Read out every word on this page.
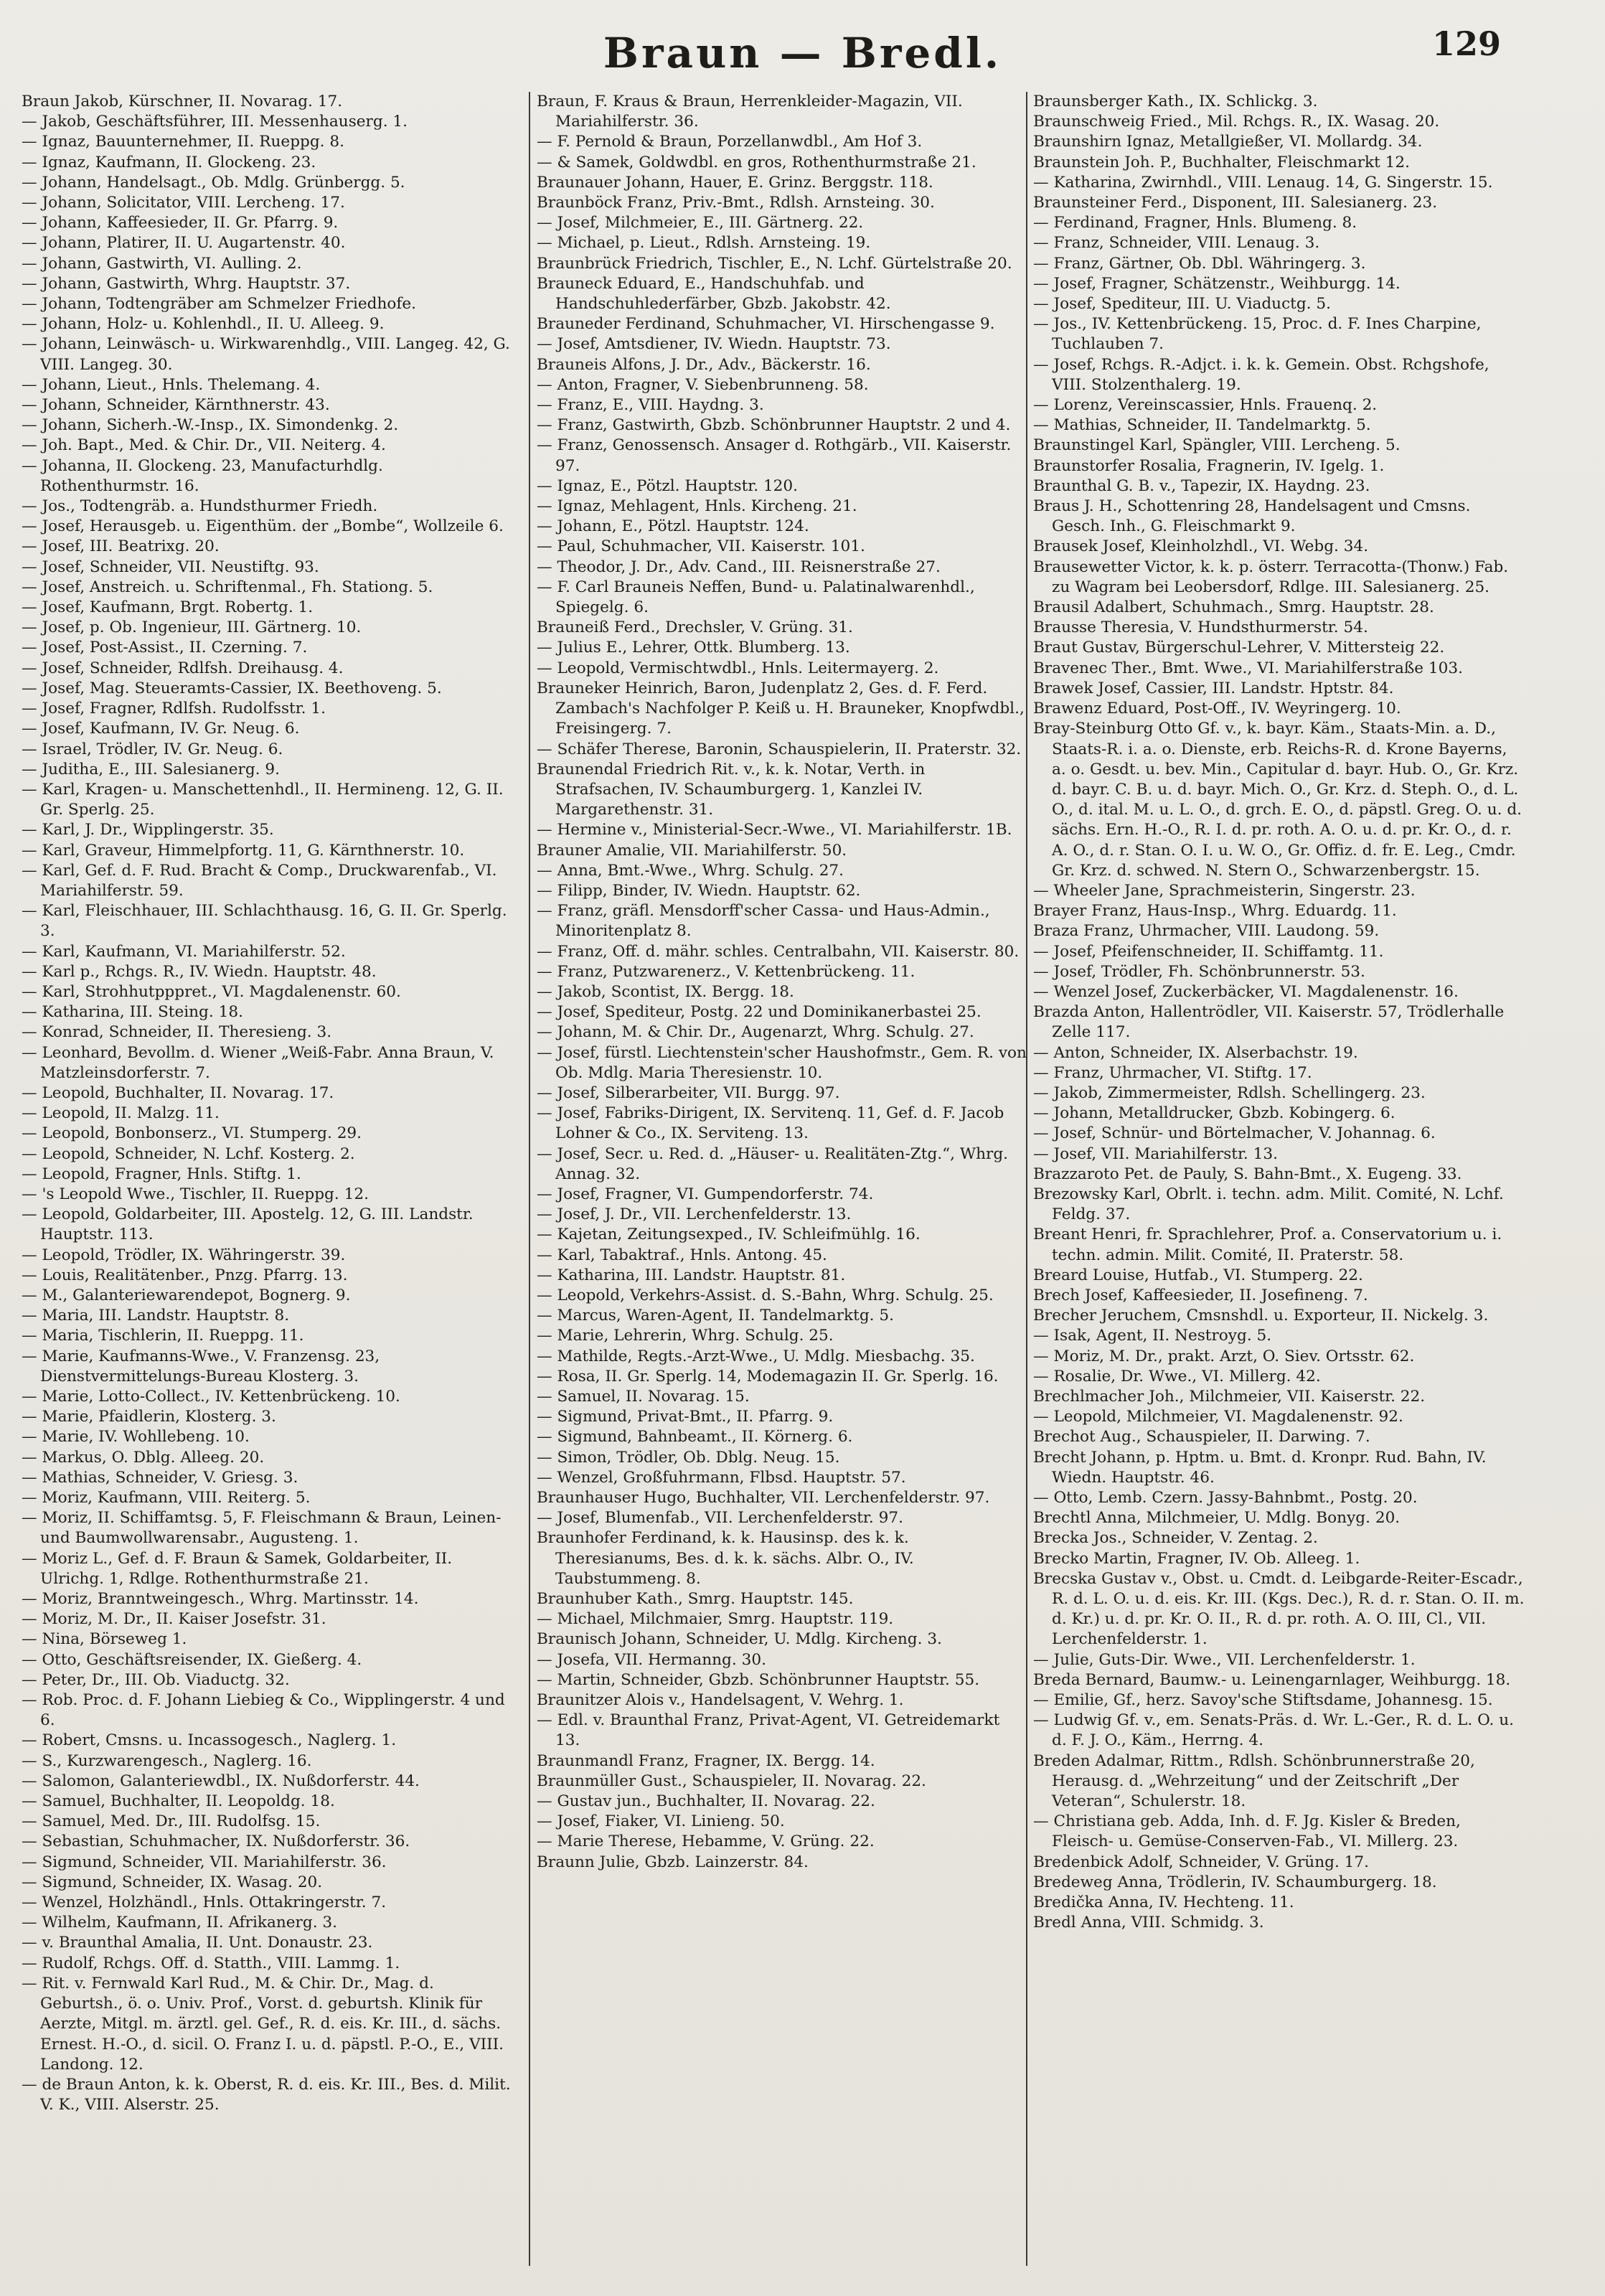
Braun — Bredl.	129

Braun Jakob, Kürschner, II. Novarag. 17.

— Jakob, Geschäftsführer, III. Messenhauserg. 1.

— Ignaz, Bauunternehmer, II. Rueppg. 8.

— Ignaz, Kaufmann, II. Glockeng. 23.

— Johann, Handelsagt., Ob. Mdlg. Grünbergg. 5.

— Johann, Solicitator, VIII. Lercheng. 17.

— Johann, Kaffeesieder, II. Gr. Pfarrg. 9.

— Johann, Platirer, II. U. Augartenstr. 40.

— Johann, Gastwirth, VI. Aulling. 2.

— Johann, Gastwirth, Whrg. Hauptstr. 37.

— Johann, Todtengräber am Schmelzer Friedhofe.

— Johann, Holz- u. Kohlenhdl., II. U. Alleeg. 9.

— Johann, Leinwäsch- u. Wirkwarenhdlg., VIII. Langeg. 42, G. VIII. Langeg. 30.

— Johann, Lieut., Hnls. Thelemang. 4.

— Johann, Schneider, Kärnthnerstr. 43.

— Johann, Sicherh.-W.-Insp., IX. Simondenkg. 2.

— Joh. Bapt., Med. & Chir. Dr., VII. Neiterg. 4.

— Johanna, II. Glockeng. 23, Manufacturhdlg. Rothenthurmstr. 16.

— Jos., Todtengräb. a. Hundsthurmer Friedh.

— Josef, Herausgeb. u. Eigenthüm. der „Bombe“, Wollzeile 6.

— Josef, III. Beatrixg. 20.

— Josef, Schneider, VII. Neustiftg. 93.

— Josef, Anstreich. u. Schriftenmal., Fh. Stationg. 5.

— Josef, Kaufmann, Brgt. Robertg. 1.

— Josef, p. Ob. Ingenieur, III. Gärtnerg. 10.

— Josef, Post-Assist., II. Czerning. 7.

— Josef, Schneider, Rdlfsh. Dreihausg. 4.

— Josef, Mag. Steueramts-Cassier, IX. Beethoveng. 5.

— Josef, Fragner, Rdlfsh. Rudolfsstr. 1.

— Josef, Kaufmann, IV. Gr. Neug. 6.

— Israel, Trödler, IV. Gr. Neug. 6.

— Juditha, E., III. Salesianerg. 9.

— Karl, Kragen- u. Manschettenhdl., II. Hermineng. 12, G. II. Gr. Sperlg. 25.

— Karl, J. Dr., Wipplingerstr. 35.

— Karl, Graveur, Himmelpfortg. 11, G. Kärnthnerstr. 10.

— Karl, Gef. d. F. Rud. Bracht & Comp., Druckwarenfab., VI. Mariahilferstr. 59.

— Karl, Fleischhauer, III. Schlachthausg. 16, G. II. Gr. Sperlg. 3.

— Karl, Kaufmann, VI. Mariahilferstr. 52.

— Karl p., Rchgs. R., IV. Wiedn. Hauptstr. 48.

— Karl, Strohhutpppret., VI. Magdalenenstr. 60.

— Katharina, III. Steing. 18.

— Konrad, Schneider, II. Theresieng. 3.

— Leonhard, Bevollm. d. Wiener „Weiß-Fabr. Anna Braun, V. Matzleinsdorferstr. 7.

— Leopold, Buchhalter, II. Novarag. 17.

— Leopold, II. Malzg. 11.

— Leopold, Bonbonserz., VI. Stumperg. 29.

— Leopold, Schneider, N. Lchf. Kosterg. 2.

— Leopold, Fragner, Hnls. Stiftg. 1.

— 's Leopold Wwe., Tischler, II. Rueppg. 12.

— Leopold, Goldarbeiter, III. Apostelg. 12, G. III. Landstr. Hauptstr. 113.

— Leopold, Trödler, IX. Währingerstr. 39.

— Louis, Realitätenber., Pnzg. Pfarrg. 13.

— M., Galanteriewarendepot, Bognerg. 9.

— Maria, III. Landstr. Hauptstr. 8.

— Maria, Tischlerin, II. Rueppg. 11.

— Marie, Kaufmanns-Wwe., V. Franzensg. 23, Dienstvermittelungs-Bureau Klosterg. 3.

— Marie, Lotto-Collect., IV. Kettenbrückeng. 10.

— Marie, Pfaidlerin, Klosterg. 3.

— Marie, IV. Wohllebeng. 10.

— Markus, O. Dblg. Alleeg. 20.

— Mathias, Schneider, V. Griesg. 3.

— Moriz, Kaufmann, VIII. Reiterg. 5.

— Moriz, II. Schiffamtsg. 5, F. Fleischmann & Braun, Leinen- und Baumwollwarensabr., Augusteng. 1.

— Moriz L., Gef. d. F. Braun & Samek, Goldarbeiter, II. Ulrichg. 1, Rdlge. Rothenthurmstraße 21.

— Moriz, Branntweingesch., Whrg. Martinsstr. 14.

— Moriz, M. Dr., II. Kaiser Josefstr. 31.

— Nina, Börseweg 1.

— Otto, Geschäftsreisender, IX. Gießerg. 4.

— Peter, Dr., III. Ob. Viaductg. 32.

— Rob. Proc. d. F. Johann Liebieg & Co., Wipplingerstr. 4 und 6.

— Robert, Cmsns. u. Incassogesch., Naglerg. 1.

— S., Kurzwarengesch., Naglerg. 16.

— Salomon, Galanteriewdbl., IX. Nußdorferstr. 44.

— Samuel, Buchhalter, II. Leopoldg. 18.

— Samuel, Med. Dr., III. Rudolfsg. 15.

— Sebastian, Schuhmacher, IX. Nußdorferstr. 36.

— Sigmund, Schneider, VII. Mariahilferstr. 36.

— Sigmund, Schneider, IX. Wasag. 20.

— Wenzel, Holzhändl., Hnls. Ottakringerstr. 7.

— Wilhelm, Kaufmann, II. Afrikanerg. 3.

— v. Braunthal Amalia, II. Unt. Donaustr. 23.

— Rudolf, Rchgs. Off. d. Statth., VIII. Lammg. 1.

— Rit. v. Fernwald Karl Rud., M. & Chir. Dr., Mag. d. Geburtsh., ö. o. Univ. Prof., Vorst. d. geburtsh. Klinik für Aerzte, Mitgl. m. ärztl. gel. Gef., R. d. eis. Kr. III., d. sächs. Ernest. H.-O., d. sicil. O. Franz I. u. d. päpstl. P.-O., E., VIII. Landong. 12.

— de Braun Anton, k. k. Oberst, R. d. eis. Kr. III., Bes. d. Milit. V. K., VIII. Alserstr. 25.

Braun, F. Kraus & Braun, Herrenkleider-Magazin, VII. Mariahilferstr. 36.

— F. Pernold & Braun, Porzellanwdbl., Am Hof 3.

— & Samek, Goldwdbl. en gros, Rothenthurmstraße 21.

Braunauer Johann, Hauer, E. Grinz. Berggstr. 118.

Braunböck Franz, Priv.-Bmt., Rdlsh. Arnsteing. 30.

— Josef, Milchmeier, E., III. Gärtnerg. 22.

— Michael, p. Lieut., Rdlsh. Arnsteing. 19.

Braunbrück Friedrich, Tischler, E., N. Lchf. Gürtelstraße 20.

Brauneck Eduard, E., Handschuhfab. und Handschuhlederfärber, Gbzb. Jakobstr. 42.

Brauneder Ferdinand, Schuhmacher, VI. Hirschengasse 9.

— Josef, Amtsdiener, IV. Wiedn. Hauptstr. 73.

Brauneis Alfons, J. Dr., Adv., Bäckerstr. 16.

— Anton, Fragner, V. Siebenbrunneng. 58.

— Franz, E., VIII. Haydng. 3.

— Franz, Gastwirth, Gbzb. Schönbrunner Hauptstr. 2 und 4.

— Franz, Genossensch. Ansager d. Rothgärb., VII. Kaiserstr. 97.

— Ignaz, E., Pötzl. Hauptstr. 120.

— Ignaz, Mehlagent, Hnls. Kircheng. 21.

— Johann, E., Pötzl. Hauptstr. 124.

— Paul, Schuhmacher, VII. Kaiserstr. 101.

— Theodor, J. Dr., Adv. Cand., III. Reisnerstraße 27.

— F. Carl Brauneis Neffen, Bund- u. Palatinalwarenhdl., Spiegelg. 6.

Brauneiß Ferd., Drechsler, V. Grüng. 31.

— Julius E., Lehrer, Ottk. Blumberg. 13.

— Leopold, Vermischtwdbl., Hnls. Leitermayerg. 2.

Brauneker Heinrich, Baron, Judenplatz 2, Ges. d. F. Ferd. Zambach's Nachfolger P. Keiß u. H. Brauneker, Knopfwdbl., Freisingerg. 7.

— Schäfer Therese, Baronin, Schauspielerin, II. Praterstr. 32.

Braunendal Friedrich Rit. v., k. k. Notar, Verth. in Strafsachen, IV. Schaumburgerg. 1, Kanzlei IV. Margarethenstr. 31.

— Hermine v., Ministerial-Secr.-Wwe., VI. Mariahilferstr. 1B.

Brauner Amalie, VII. Mariahilferstr. 50.

— Anna, Bmt.-Wwe., Whrg. Schulg. 27.

— Filipp, Binder, IV. Wiedn. Hauptstr. 62.

— Franz, gräfl. Mensdorff'scher Cassa- und Haus-Admin., Minoritenplatz 8.

— Franz, Off. d. mähr. schles. Centralbahn, VII. Kaiserstr. 80.

— Franz, Putzwarenerz., V. Kettenbrückeng. 11.

— Jakob, Scontist, IX. Bergg. 18.

— Josef, Spediteur, Postg. 22 und Dominikanerbastei 25.

— Johann, M. & Chir. Dr., Augenarzt, Whrg. Schulg. 27.

— Josef, fürstl. Liechtenstein'scher Haushofmstr., Gem. R. von Ob. Mdlg. Maria Theresienstr. 10.

— Josef, Silberarbeiter, VII. Burgg. 97.

— Josef, Fabriks-Dirigent, IX. Servitenq. 11, Gef. d. F. Jacob Lohner & Co., IX. Serviteng. 13.

— Josef, Secr. u. Red. d. „Häuser- u. Realitäten-Ztg.“, Whrg. Annag. 32.

— Josef, Fragner, VI. Gumpendorferstr. 74.

— Josef, J. Dr., VII. Lerchenfelderstr. 13.

— Kajetan, Zeitungsexped., IV. Schleifmühlg. 16.

— Karl, Tabaktraf., Hnls. Antong. 45.

— Katharina, III. Landstr. Hauptstr. 81.

— Leopold, Verkehrs-Assist. d. S.-Bahn, Whrg. Schulg. 25.

— Marcus, Waren-Agent, II. Tandelmarktg. 5.

— Marie, Lehrerin, Whrg. Schulg. 25.

— Mathilde, Regts.-Arzt-Wwe., U. Mdlg. Miesbachg. 35.

— Rosa, II. Gr. Sperlg. 14, Modemagazin II. Gr. Sperlg. 16.

— Samuel, II. Novarag. 15.

— Sigmund, Privat-Bmt., II. Pfarrg. 9.

— Sigmund, Bahnbeamt., II. Körnerg. 6.

— Simon, Trödler, Ob. Dblg. Neug. 15.

— Wenzel, Großfuhrmann, Flbsd. Hauptstr. 57.

Braunhauser Hugo, Buchhalter, VII. Lerchenfelderstr. 97.

— Josef, Blumenfab., VII. Lerchenfelderstr. 97.

Braunhofer Ferdinand, k. k. Hausinsp. des k. k. Theresianums, Bes. d. k. k. sächs. Albr. O., IV. Taubstummeng. 8.

Braunhuber Kath., Smrg. Hauptstr. 145.

— Michael, Milchmaier, Smrg. Hauptstr. 119.

Braunisch Johann, Schneider, U. Mdlg. Kircheng. 3.

— Josefa, VII. Hermanng. 30.

— Martin, Schneider, Gbzb. Schönbrunner Hauptstr. 55.

Braunitzer Alois v., Handelsagent, V. Wehrg. 1.

— Edl. v. Braunthal Franz, Privat-Agent, VI. Getreidemarkt 13.

Braunmandl Franz, Fragner, IX. Bergg. 14.

Braunmüller Gust., Schauspieler, II. Novarag. 22.

— Gustav jun., Buchhalter, II. Novarag. 22.

— Josef, Fiaker, VI. Linieng. 50.

— Marie Therese, Hebamme, V. Grüng. 22.

Braunn Julie, Gbzb. Lainzerstr. 84.

Braunsberger Kath., IX. Schlickg. 3.

Braunschweig Fried., Mil. Rchgs. R., IX. Wasag. 20.

Braunshirn Ignaz, Metallgießer, VI. Mollardg. 34.

Braunstein Joh. P., Buchhalter, Fleischmarkt 12.

— Katharina, Zwirnhdl., VIII. Lenaug. 14, G. Singerstr. 15.

Braunsteiner Ferd., Disponent, III. Salesianerg. 23.

— Ferdinand, Fragner, Hnls. Blumeng. 8.

— Franz, Schneider, VIII. Lenaug. 3.

— Franz, Gärtner, Ob. Dbl. Währingerg. 3.

— Josef, Fragner, Schätzenstr., Weihburgg. 14.

— Josef, Spediteur, III. U. Viaductg. 5.

— Jos., IV. Kettenbrückeng. 15, Proc. d. F. Ines Charpine, Tuchlauben 7.

— Josef, Rchgs. R.-Adjct. i. k. k. Gemein. Obst. Rchgshofe, VIII. Stolzenthalerg. 19.

— Lorenz, Vereinscassier, Hnls. Frauenq. 2.

— Mathias, Schneider, II. Tandelmarktg. 5.

Braunstingel Karl, Spängler, VIII. Lercheng. 5.

Braunstorfer Rosalia, Fragnerin, IV. Igelg. 1.

Braunthal G. B. v., Tapezir, IX. Haydng. 23.

Braus J. H., Schottenring 28, Handelsagent und Cmsns. Gesch. Inh., G. Fleischmarkt 9.

Brausek Josef, Kleinholzhdl., VI. Webg. 34.

Brausewetter Victor, k. k. p. österr. Terracotta-(Thonw.) Fab. zu Wagram bei Leobersdorf, Rdlge. III. Salesianerg. 25.

Brausil Adalbert, Schuhmach., Smrg. Hauptstr. 28.

Brausse Theresia, V. Hundsthurmerstr. 54.

Braut Gustav, Bürgerschul-Lehrer, V. Mittersteig 22.

Bravenec Ther., Bmt. Wwe., VI. Mariahilferstraße 103.

Brawek Josef, Cassier, III. Landstr. Hptstr. 84.

Brawenz Eduard, Post-Off., IV. Weyringerg. 10.

Bray-Steinburg Otto Gf. v., k. bayr. Käm., Staats-Min. a. D., Staats-R. i. a. o. Dienste, erb. Reichs-R. d. Krone Bayerns, a. o. Gesdt. u. bev. Min., Capitular d. bayr. Hub. O., Gr. Krz. d. bayr. C. B. u. d. bayr. Mich. O., Gr. Krz. d. Steph. O., d. L. O., d. ital. M. u. L. O., d. grch. E. O., d. päpstl. Greg. O. u. d. sächs. Ern. H.-O., R. I. d. pr. roth. A. O. u. d. pr. Kr. O., d. r. A. O., d. r. Stan. O. I. u. W. O., Gr. Offiz. d. fr. E. Leg., Cmdr. Gr. Krz. d. schwed. N. Stern O., Schwarzenbergstr. 15.

— Wheeler Jane, Sprachmeisterin, Singerstr. 23.

Brayer Franz, Haus-Insp., Whrg. Eduardg. 11.

Braza Franz, Uhrmacher, VIII. Laudong. 59.

— Josef, Pfeifenschneider, II. Schiffamtg. 11.

— Josef, Trödler, Fh. Schönbrunnerstr. 53.

— Wenzel Josef, Zuckerbäcker, VI. Magdalenenstr. 16.

Brazda Anton, Hallentrödler, VII. Kaiserstr. 57, Trödlerhalle Zelle 117.

— Anton, Schneider, IX. Alserbachstr. 19.

— Franz, Uhrmacher, VI. Stiftg. 17.

— Jakob, Zimmermeister, Rdlsh. Schellingerg. 23.

— Johann, Metalldrucker, Gbzb. Kobingerg. 6.

— Josef, Schnür- und Börtelmacher, V. Johannag. 6.

— Josef, VII. Mariahilferstr. 13.

Brazzaroto Pet. de Pauly, S. Bahn-Bmt., X. Eugeng. 33.

Brezowsky Karl, Obrlt. i. techn. adm. Milit. Comité, N. Lchf. Feldg. 37.

Breant Henri, fr. Sprachlehrer, Prof. a. Conservatorium u. i. techn. admin. Milit. Comité, II. Praterstr. 58.

Breard Louise, Hutfab., VI. Stumperg. 22.

Brech Josef, Kaffeesieder, II. Josefineng. 7.

Brecher Jeruchem, Cmsnshdl. u. Exporteur, II. Nickelg. 3.

— Isak, Agent, II. Nestroyg. 5.

— Moriz, M. Dr., prakt. Arzt, O. Siev. Ortsstr. 62.

— Rosalie, Dr. Wwe., VI. Millerg. 42.

Brechlmacher Joh., Milchmeier, VII. Kaiserstr. 22.

— Leopold, Milchmeier, VI. Magdalenenstr. 92.

Brechot Aug., Schauspieler, II. Darwing. 7.

Brecht Johann, p. Hptm. u. Bmt. d. Kronpr. Rud. Bahn, IV. Wiedn. Hauptstr. 46.

— Otto, Lemb. Czern. Jassy-Bahnbmt., Postg. 20.

Brechtl Anna, Milchmeier, U. Mdlg. Bonyg. 20.

Brecka Jos., Schneider, V. Zentag. 2.

Brecko Martin, Fragner, IV. Ob. Alleeg. 1.

Brecska Gustav v., Obst. u. Cmdt. d. Leibgarde-Reiter-Escadr., R. d. L. O. u. d. eis. Kr. III. (Kgs. Dec.), R. d. r. Stan. O. II. m. d. Kr.) u. d. pr. Kr. O. II., R. d. pr. roth. A. O. III, Cl., VII. Lerchenfelderstr. 1.

— Julie, Guts-Dir. Wwe., VII. Lerchenfelderstr. 1.

Breda Bernard, Baumw.- u. Leinengarnlager, Weihburgg. 18.

— Emilie, Gf., herz. Savoy'sche Stiftsdame, Johannesg. 15.

— Ludwig Gf. v., em. Senats-Präs. d. Wr. L.-Ger., R. d. L. O. u. d. F. J. O., Käm., Herrng. 4.

Breden Adalmar, Rittm., Rdlsh. Schönbrunnerstraße 20, Herausg. d. „Wehrzeitung“ und der Zeitschrift „Der Veteran“, Schulerstr. 18.

— Christiana geb. Adda, Inh. d. F. Jg. Kisler & Breden, Fleisch- u. Gemüse-Conserven-Fab., VI. Millerg. 23.

Bredenbick Adolf, Schneider, V. Grüng. 17.

Bredeweg Anna, Trödlerin, IV. Schaumburgerg. 18.

Bredička Anna, IV. Hechteng. 11.

Bredl Anna, VIII. Schmidg. 3.
